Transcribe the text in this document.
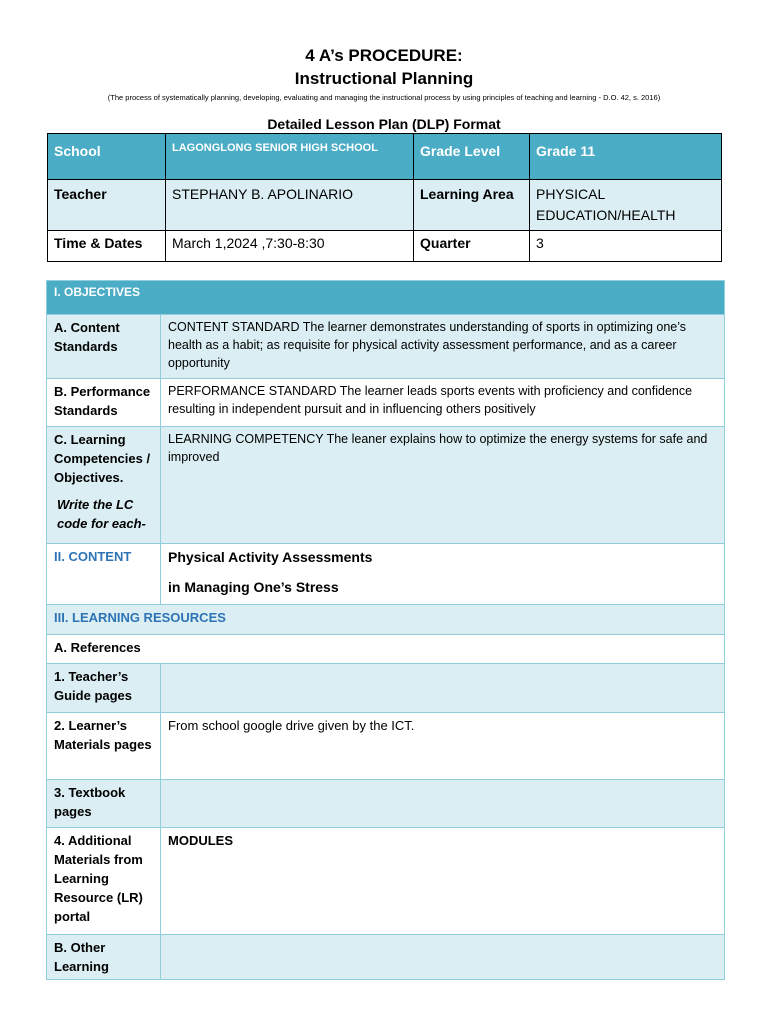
4 A’s PROCEDURE:
Instructional Planning
(The process of systematically planning, developing, evaluating and managing the instructional process by using principles of teaching and learning - D.O. 42, s. 2016)
Detailed Lesson Plan (DLP) Format
School	LAGONGLONG SENIOR HIGH SCHOOL	Grade Level	Grade 11
Teacher	STEPHANY B. APOLINARIO	Learning Area	PHYSICAL
EDUCATION/HEALTH

Time & Dates	March 1,2024 ,7:30-8:30	Quarter	3
I. OBJECTIVES	
A. Content Standards	CONTENT STANDARD The learner demonstrates understanding of sports in optimizing one’s health as a habit; as requisite for physical activity assessment performance, and as a career opportunity
B. Performance Standards	PERFORMANCE STANDARD The learner leads sports events with proficiency and confidence resulting in independent pursuit and in influencing others positively

C. Learning Competencies / Objectives.
Write the LC code for each-	LEARNING COMPETENCY The leaner explains how to optimize the energy systems for safe and improved
II. CONTENT	Physical Activity Assessments
in Managing One’s Stress

III. LEARNING RESOURCES	
A. References	
1. Teacher’s Guide pages	
2. Learner’s Materials pages	From school google drive given by the ICT.
3. Textbook pages	
4. Additional Materials from Learning Resource (LR) portal	MODULES
B. Other Learning	
